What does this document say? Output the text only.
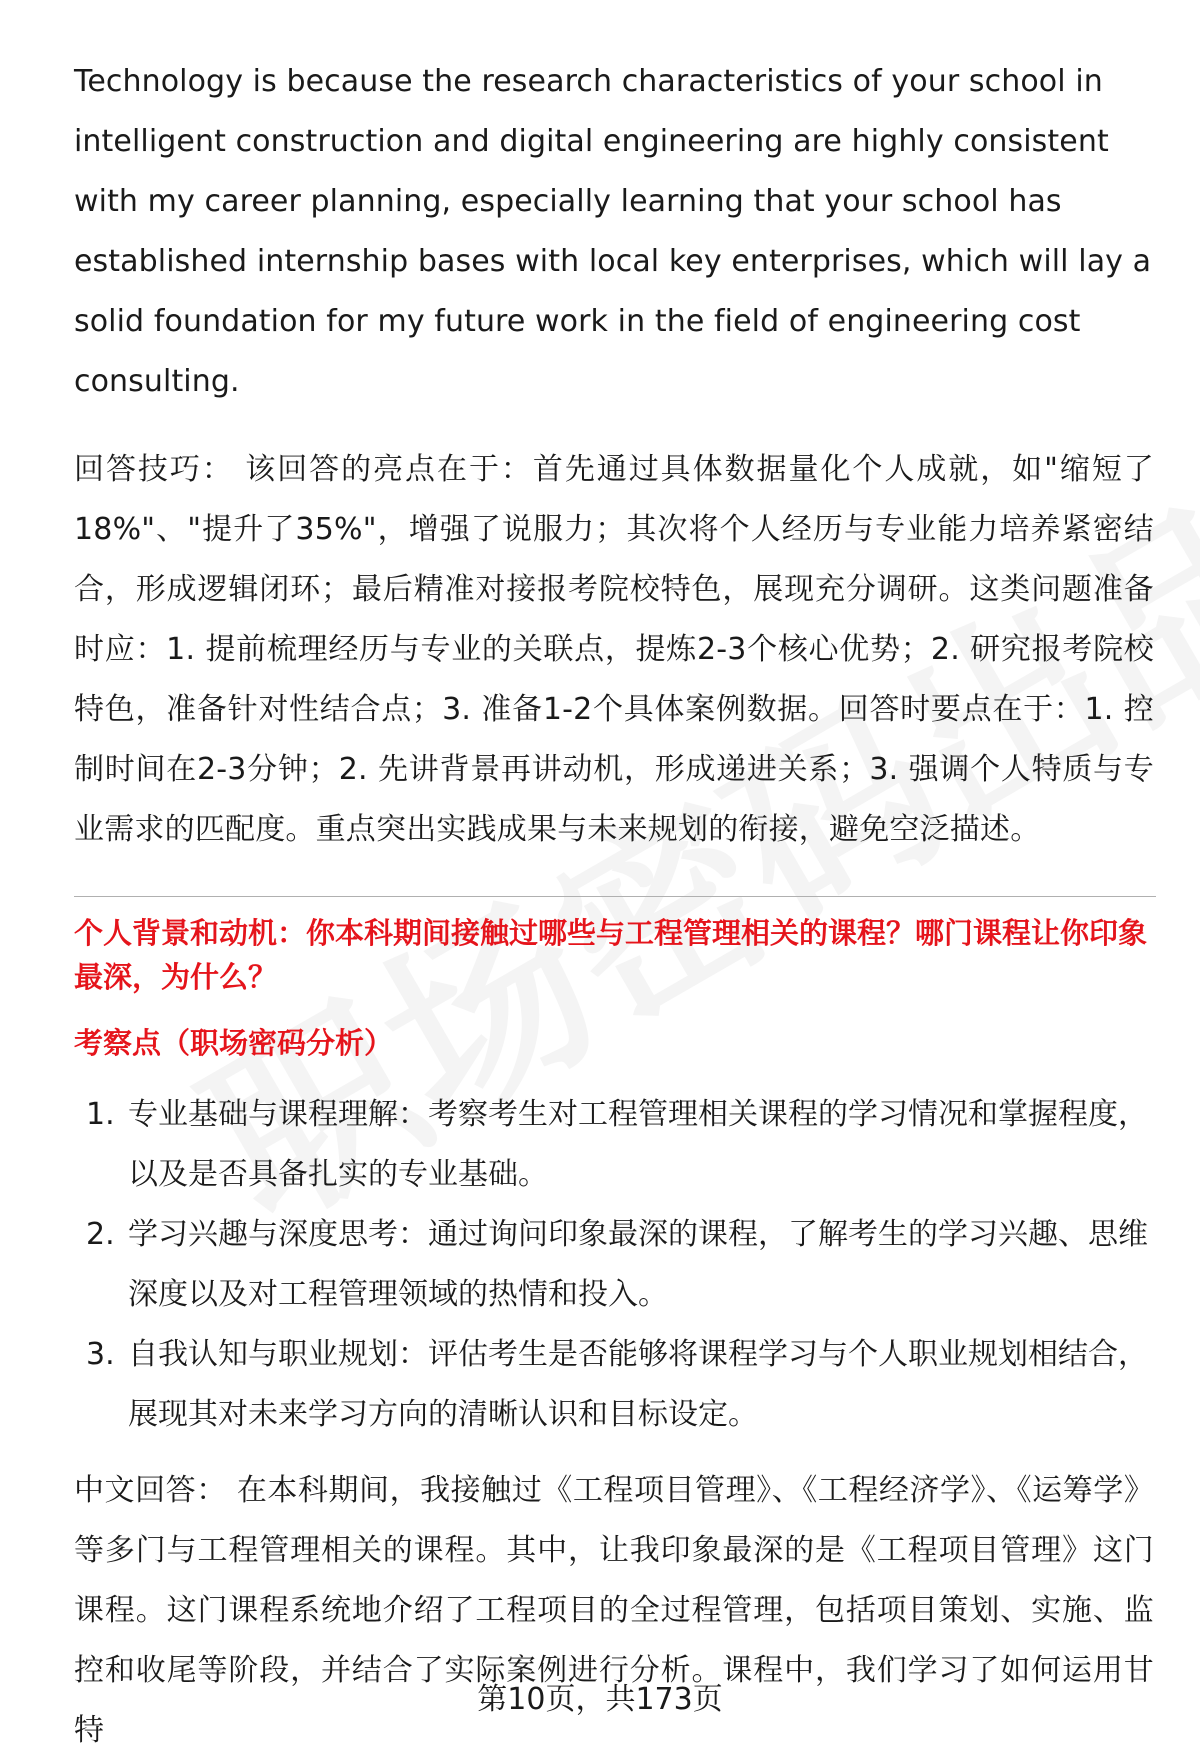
Technology is because the research characteristics of your school in intelligent construction and digital engineering are highly consistent with my career planning, especially learning that your school has established internship bases with local key enterprises, which will lay a solid foundation for my future work in the field of engineering cost consulting.

回答技巧： 该回答的亮点在于：首先通过具体数据量化个人成就，如"缩短了18%"、"提升了35%"，增强了说服力；其次将个人经历与专业能力培养紧密结合，形成逻辑闭环；最后精准对接报考院校特色，展现充分调研。这类问题准备时应：1. 提前梳理经历与专业的关联点，提炼2-3个核心优势；2. 研究报考院校特色，准备针对性结合点；3. 准备1-2个具体案例数据。回答时要点在于：1. 控制时间在2-3分钟；2. 先讲背景再讲动机，形成递进关系；3. 强调个人特质与专业需求的匹配度。重点突出实践成果与未来规划的衔接，避免空泛描述。

个人背景和动机：你本科期间接触过哪些与工程管理相关的课程？哪门课程让你印象最深，为什么？
考察点（职场密码分析）
1. 专业基础与课程理解：考察考生对工程管理相关课程的学习情况和掌握程度，以及是否具备扎实的专业基础。
2. 学习兴趣与深度思考：通过询问印象最深的课程，了解考生的学习兴趣、思维深度以及对工程管理领域的热情和投入。
3. 自我认知与职业规划：评估考生是否能够将课程学习与个人职业规划相结合，展现其对未来学习方向的清晰认识和目标设定。

中文回答： 在本科期间，我接触过《工程项目管理》、《工程经济学》、《运筹学》等多门与工程管理相关的课程。其中，让我印象最深的是《工程项目管理》这门课程。这门课程系统地介绍了工程项目的全过程管理，包括项目策划、实施、监控和收尾等阶段，并结合了实际案例进行分析。课程中，我们学习了如何运用甘特

第10页，共173页
